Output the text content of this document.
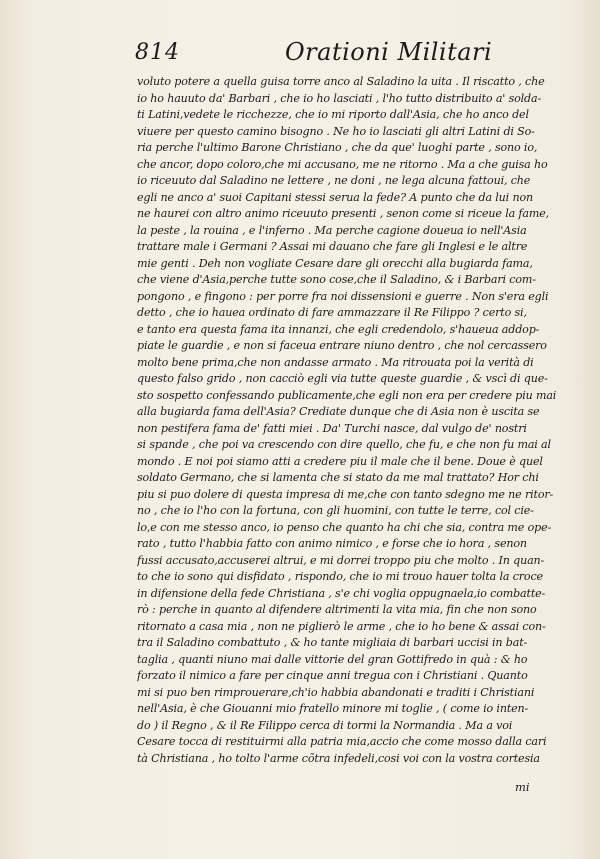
814	Orationi Militari
voluto potere a quella guisa torre anco al Saladino la uita . Il riscatto , che
io ho hauuto da' Barbari , che io ho lasciati , l'ho tutto distribuito a' solda-
ti Latini,vedete le ricchezze, che io mi riporto dall'Asia, che ho anco del
viuere per questo camino bisogno . Ne ho io lasciati gli altri Latini di So-
ria perche l'ultimo Barone Christiano , che da que' luoghi parte , sono io,
che ancor, dopo coloro,che mi accusano, me ne ritorno . Ma a che guisa ho
io riceuuto dal Saladino ne lettere , ne doni , ne lega alcuna fattoui, che
egli ne anco a' suoi Capitani stessi serua la fede? A punto che da lui non
ne haurei con altro animo riceuuto presenti , senon come si riceue la fame,
la peste , la rouina , e l'inferno . Ma perche cagione doueua io nell'Asia
trattare male i Germani ? Assai mi dauano che fare gli Inglesi e le altre
mie genti . Deh non vogliate Cesare dare gli orecchi alla bugiarda fama,
che viene d'Asia,perche tutte sono cose,che il Saladino, & i Barbari com-
pongono , e fingono : per porre fra noi dissensioni e guerre . Non s'era egli
detto , che io hauea ordinato di fare ammazzare il Re Filippo ? certo si,
e tanto era questa fama ita innanzi, che egli credendolo, s'haueua addop-
piate le guardie , e non si faceua entrare niuno dentro , che nol cercassero
molto bene prima,che non andasse armato . Ma ritrouata poi la verità di
questo falso grido , non cacciò egli via tutte queste guardie , & vscì di que-
sto sospetto confessando publicamente,che egli non era per credere piu mai
alla bugiarda fama dell'Asia? Crediate dunque che di Asia non è uscita se
non pestifera fama de' fatti miei . Da' Turchi nasce, dal vulgo de' nostri
si spande , che poi va crescendo con dire quello, che fu, e che non fu mai al
mondo . E noi poi siamo atti a credere piu il male che il bene. Doue è quel
soldato Germano, che si lamenta che si stato da me mal trattato? Hor chi
piu si puo dolere di questa impresa di me,che con tanto sdegno me ne ritor-
no , che io l'ho con la fortuna, con gli huomini, con tutte le terre, col cie-
lo,e con me stesso anco, io penso che quanto ha chi che sia, contra me ope-
rato , tutto l'habbia fatto con animo nimico , e forse che io hora , senon
fussi accusato,accuserei altrui, e mi dorrei troppo piu che molto . In quan-
to che io sono qui disfidato , rispondo, che io mi trouo hauer tolta la croce
in difensione della fede Christiana , s'e chi voglia oppugnaela,io combatte-
rò : perche in quanto al difendere altrimenti la vita mia, fin che non sono
ritornato a casa mia , non ne piglierò le arme , che io ho bene & assai con-
tra il Saladino combattuto , & ho tante migliaia di barbari uccisi in bat-
taglia , quanti niuno mai dalle vittorie del gran Gottifredo in quà : & ho
forzato il nimico a fare per cinque anni tregua con i Christiani . Quanto
mi si puo ben rimprouerare,ch'io habbia abandonati e traditi i Christiani
nell'Asia, è che Giouanni mio fratello minore mi toglie , ( come io inten-
do ) il Regno , & il Re Filippo cerca di tormi la Normandia . Ma a voi
Cesare tocca di restituirmi alla patria mia,accio che come mosso dalla cari
tà Christiana , ho tolto l'arme cõtra infedeli,cosi voi con la vostra cortesia
mi
